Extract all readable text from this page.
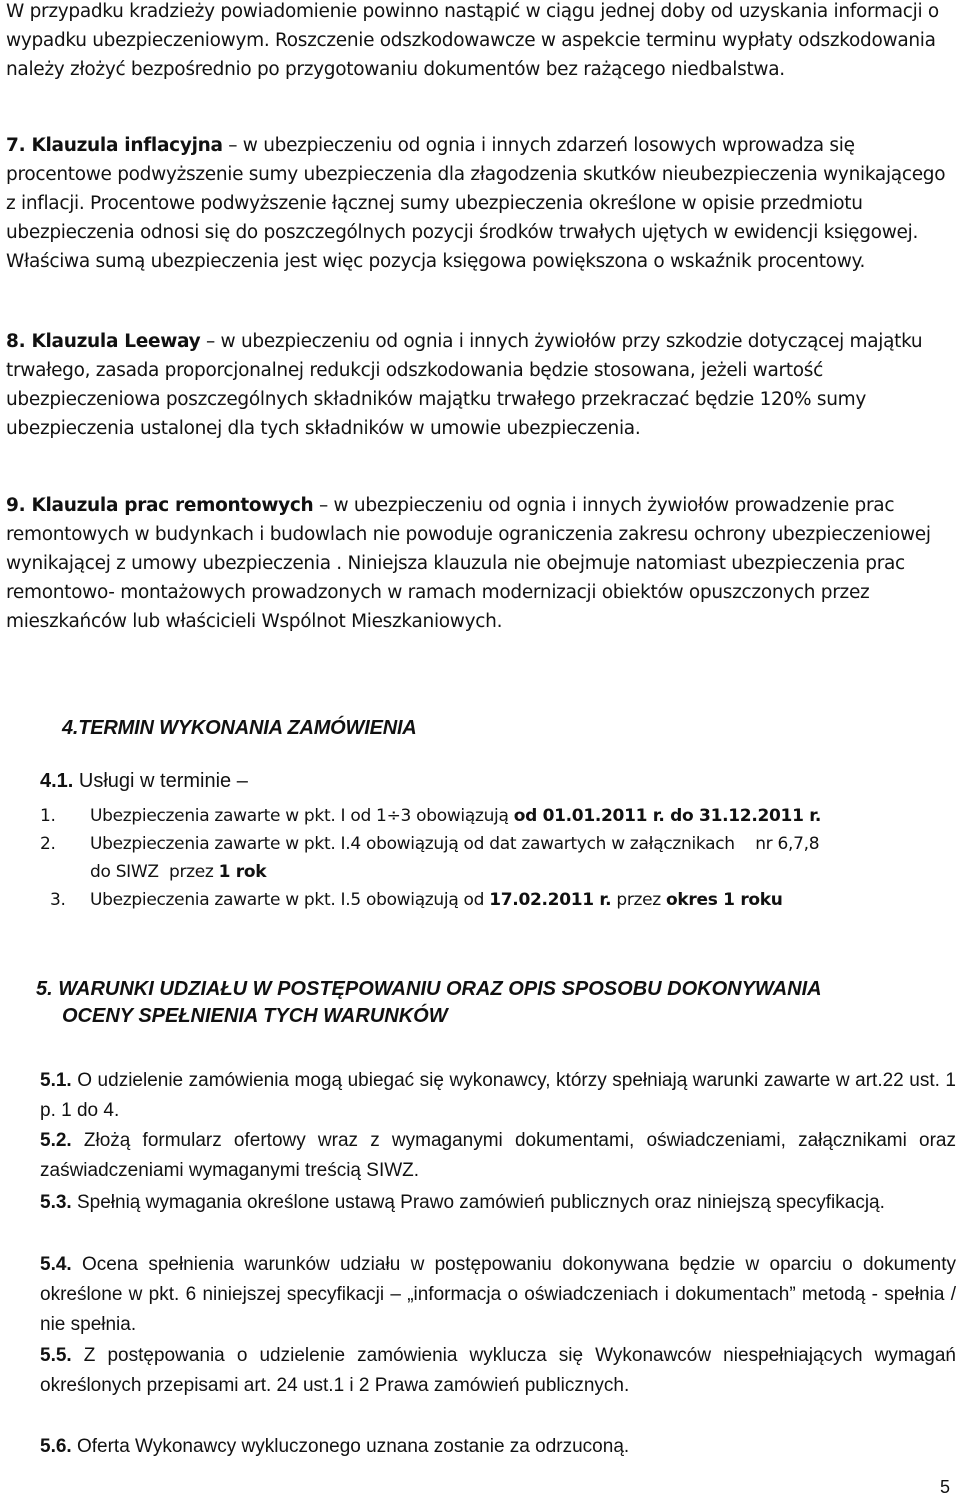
W przypadku kradzieży powiadomienie powinno nastąpić w ciągu jednej doby od uzyskania informacji o wypadku ubezpieczeniowym. Roszczenie odszkodowawcze w aspekcie terminu wypłaty odszkodowania należy złożyć bezpośrednio po przygotowaniu dokumentów bez rażącego niedbalstwa.
7. Klauzula inflacyjna – w ubezpieczeniu od ognia i innych zdarzeń losowych wprowadza się procentowe podwyższenie sumy ubezpieczenia dla złagodzenia skutków nieubezpieczenia wynikającego z inflacji. Procentowe podwyższenie łącznej sumy ubezpieczenia określone w opisie przedmiotu ubezpieczenia odnosi się do poszczególnych pozycji środków trwałych ujętych w ewidencji księgowej. Właściwa sumą ubezpieczenia jest więc pozycja księgowa powiększona o wskaźnik procentowy.
8. Klauzula Leeway – w ubezpieczeniu od ognia i innych żywiołów przy szkodzie dotyczącej majątku trwałego, zasada proporcjonalnej redukcji odszkodowania będzie stosowana, jeżeli wartość ubezpieczeniowa poszczególnych składników majątku trwałego przekraczać będzie 120% sumy ubezpieczenia ustalonej dla tych składników w umowie ubezpieczenia.
9. Klauzula prac remontowych – w ubezpieczeniu od ognia i innych żywiołów prowadzenie prac remontowych w budynkach i budowlach nie powoduje ograniczenia zakresu ochrony ubezpieczeniowej wynikającej z umowy ubezpieczenia . Niniejsza klauzula nie obejmuje natomiast ubezpieczenia prac remontowo- montażowych prowadzonych w ramach modernizacji obiektów opuszczonych przez mieszkańców lub właścicieli Wspólnot Mieszkaniowych.
4.TERMIN WYKONANIA ZAMÓWIENIA
4.1. Usługi w terminie –
1. Ubezpieczenia zawarte w pkt. I od 1÷3 obowiązują od 01.01.2011 r. do 31.12.2011 r.
2. Ubezpieczenia zawarte w pkt. I.4 obowiązują od dat zawartych w załącznikach    nr 6,7,8
do SIWZ  przez 1 rok
3. Ubezpieczenia zawarte w pkt. I.5 obowiązują od 17.02.2011 r. przez okres 1 roku
5. WARUNKI UDZIAŁU W POSTĘPOWANIU ORAZ OPIS SPOSOBU DOKONYWANIA
OCENY SPEŁNIENIA TYCH WARUNKÓW
5.1. O udzielenie zamówienia mogą ubiegać się wykonawcy, którzy spełniają warunki zawarte w art.22 ust. 1 p. 1 do 4.
5.2. Złożą formularz ofertowy wraz z wymaganymi dokumentami, oświadczeniami, załącznikami oraz zaświadczeniami wymaganymi treścią SIWZ.
5.3. Spełnią wymagania określone ustawą Prawo zamówień publicznych oraz niniejszą specyfikacją.
5.4. Ocena spełnienia warunków udziału w postępowaniu dokonywana będzie w oparciu o dokumenty określone w pkt. 6 niniejszej specyfikacji – „informacja o oświadczeniach i dokumentach” metodą - spełnia / nie spełnia.
5.5. Z postępowania o udzielenie zamówienia wyklucza się Wykonawców niespełniających wymagań określonych przepisami art. 24 ust.1 i 2 Prawa zamówień publicznych.
5.6. Oferta Wykonawcy wykluczonego uznana zostanie za odrzuconą.
5
